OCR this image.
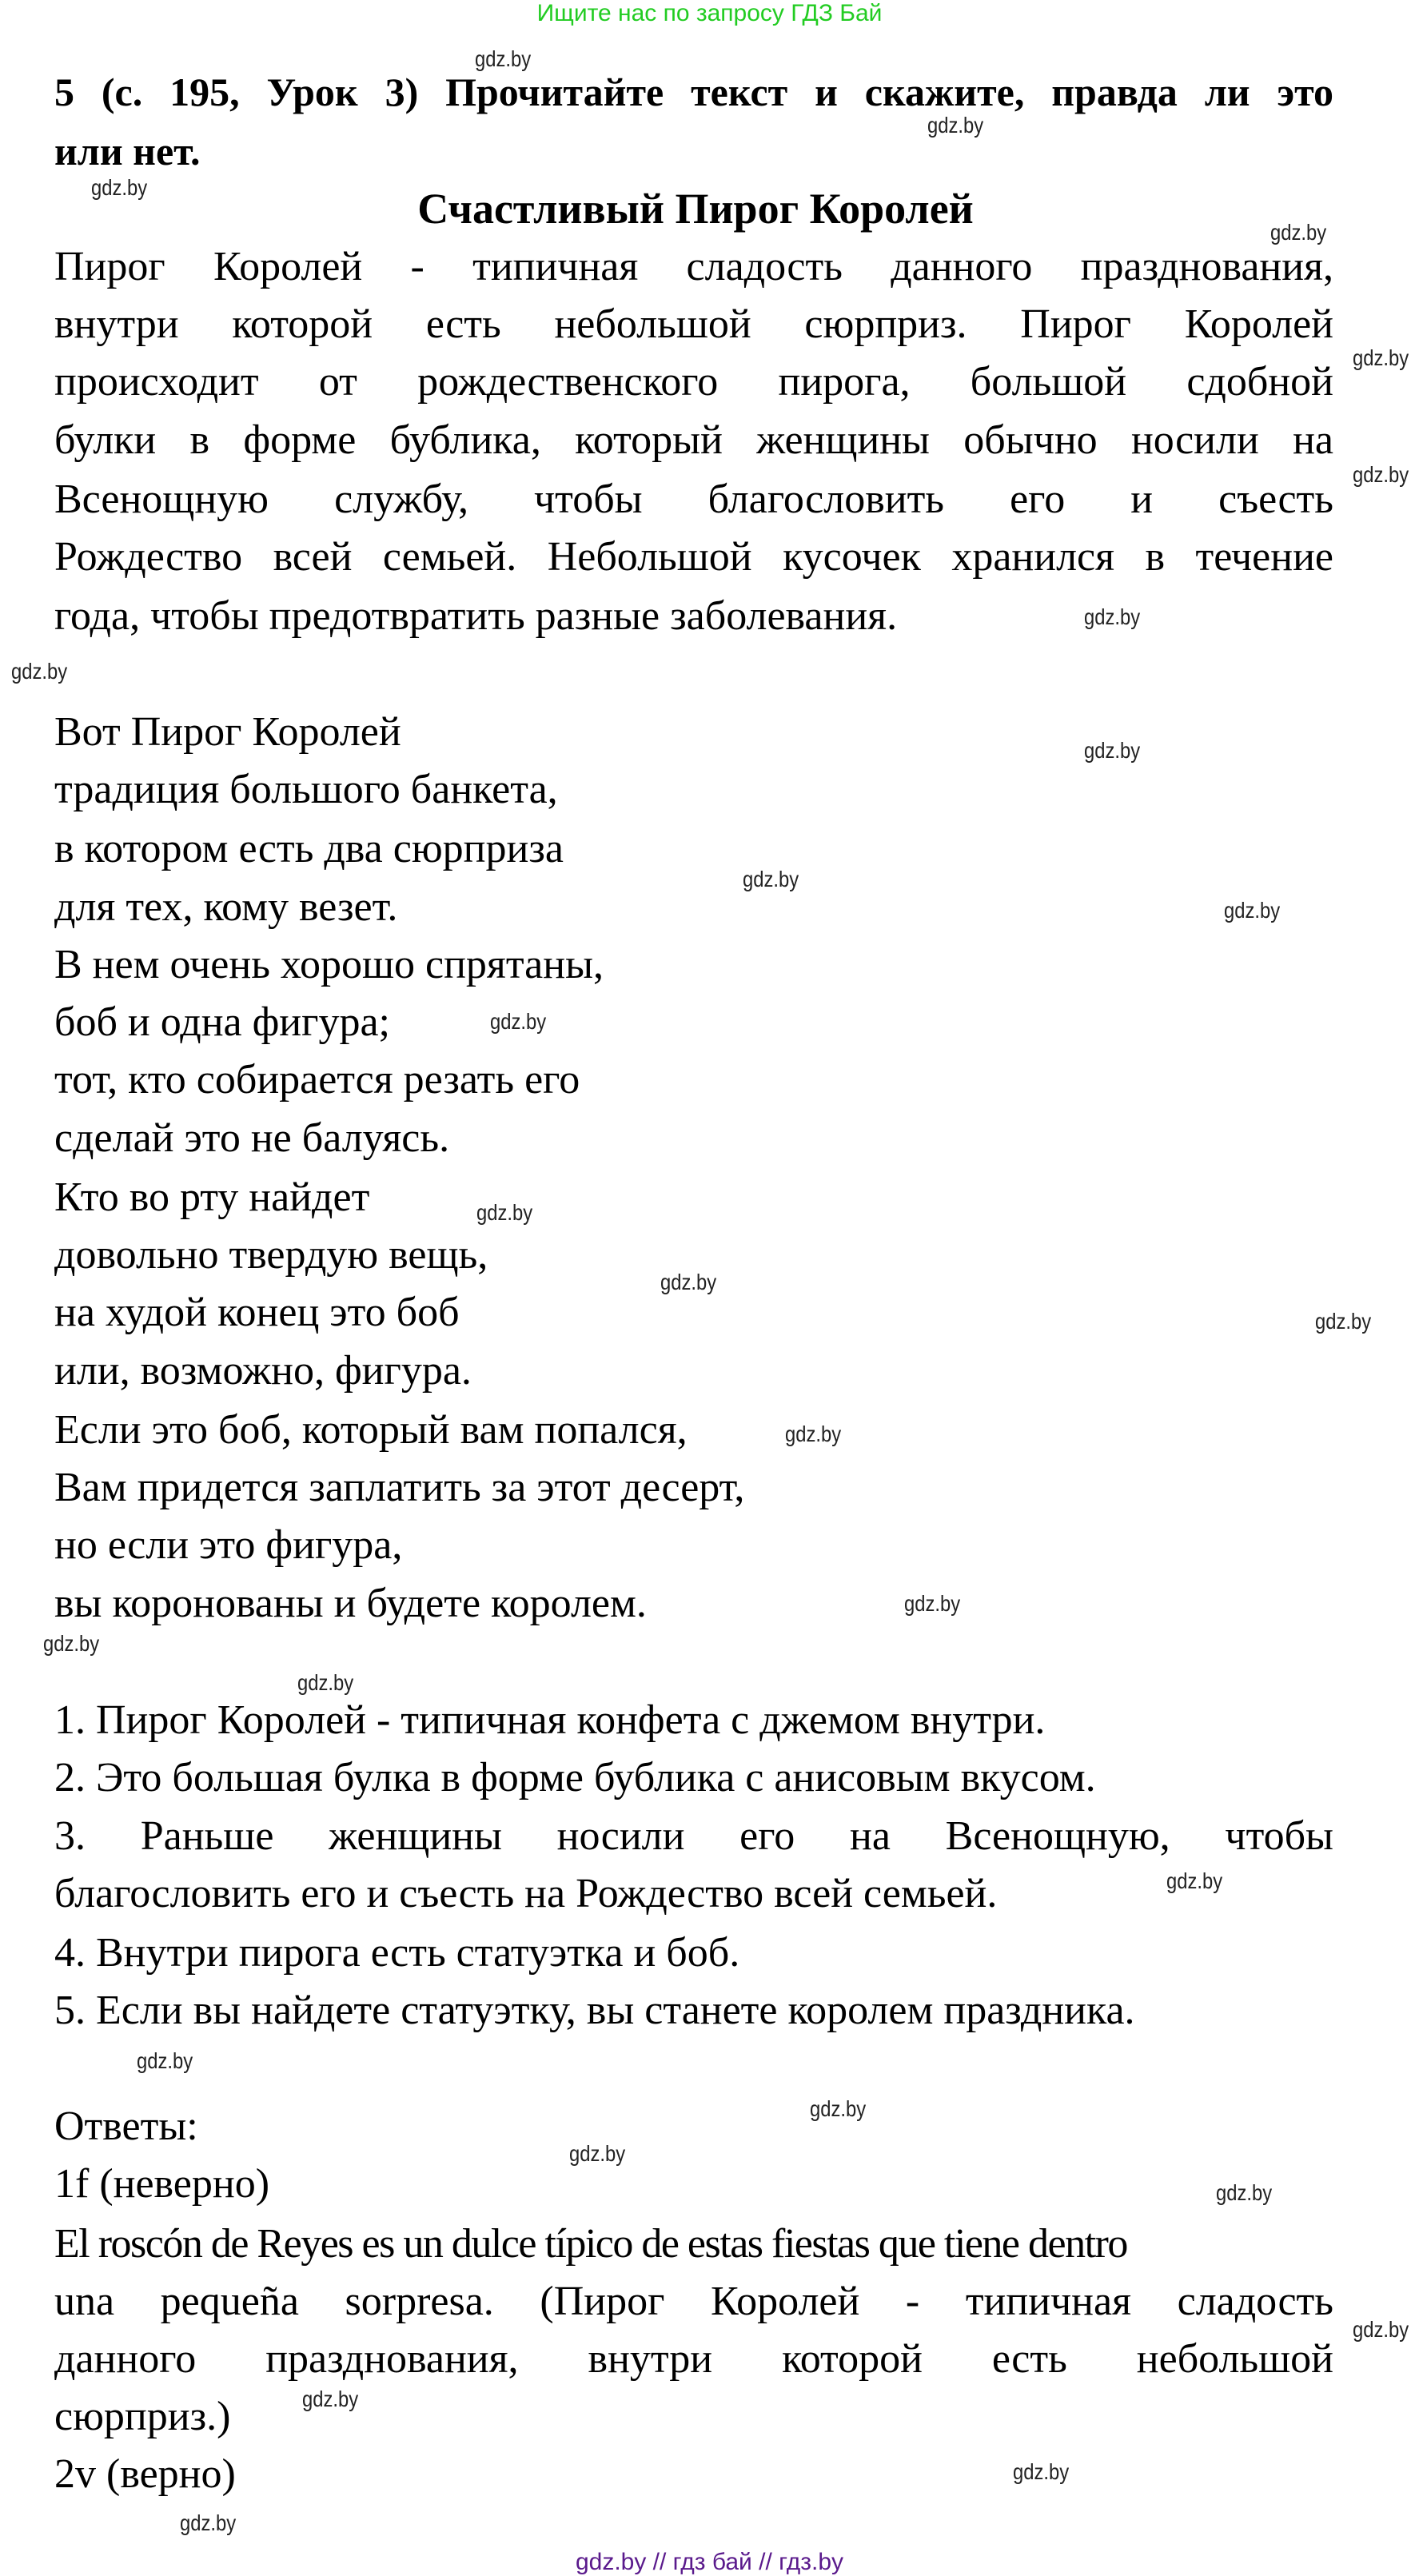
Ищите нас по запросу ГДЗ Бай
gdz.by // гдз бай // гдз.by
5 (с. 195, Урок 3) Прочитайте текст и скажите, правда ли это
или нет.
Счастливый Пирог Королей
Пирог Королей - типичная сладость данного празднования,
внутри которой есть небольшой сюрприз. Пирог Королей
происходит от рождественского пирога, большой сдобной
булки в форме бублика, который женщины обычно носили на
Всенощную службу, чтобы благословить его и съесть
Рождество всей семьей. Небольшой кусочек хранился в течение
года, чтобы предотвратить разные заболевания.
Вот Пирог Королей
традиция большого банкета,
в котором есть два сюрприза
для тех, кому везет.
В нем очень хорошо спрятаны,
боб и одна фигура;
тот, кто собирается резать его
сделай это не балуясь.
Кто во рту найдет
довольно твердую вещь,
на худой конец это боб
или, возможно, фигура.
Если это боб, который вам попался,
Вам придется заплатить за этот десерт,
но если это фигура,
вы коронованы и будете королем.
1. Пирог Королей - типичная конфета с джемом внутри.
2. Это большая булка в форме бублика с анисовым вкусом.
3. Раньше женщины носили его на Всенощную, чтобы
благословить его и съесть на Рождество всей семьей.
4. Внутри пирога есть статуэтка и боб.
5. Если вы найдете статуэтку, вы станете королем праздника.
Ответы:
1f (неверно)
El roscón de Reyes es un dulce típico de estas fiestas que tiene dentro
una pequeña sorpresa. (Пирог Королей - типичная сладость
данного празднования, внутри которой есть небольшой
сюрприз.)
2v (верно)
gdz.by
gdz.by
gdz.by
gdz.by
gdz.by
gdz.by
gdz.by
gdz.by
gdz.by
gdz.by
gdz.by
gdz.by
gdz.by
gdz.by
gdz.by
gdz.by
gdz.by
gdz.by
gdz.by
gdz.by
gdz.by
gdz.by
gdz.by
gdz.by
gdz.by
gdz.by
gdz.by
gdz.by
